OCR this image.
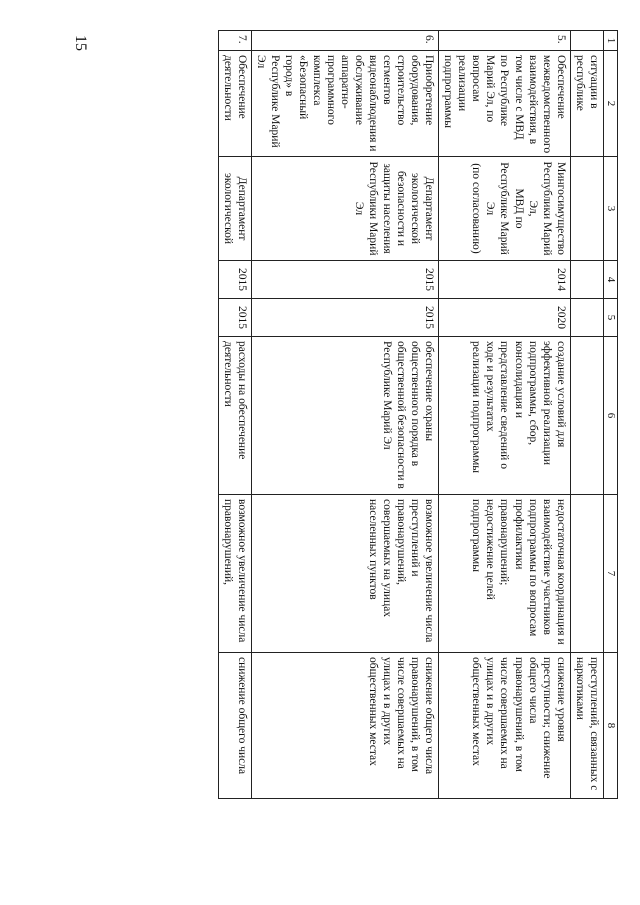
15	1	2	3	4	5	6	7	8
	ситуации в
республике						преступлений, связанных с наркотиками
5.	Обеспечение межведомственного взаимодействия, в том числе с МВД по Республике Марий Эл, по вопросам реализации подпрограммы	Мингосимущество Республики Марий Эл,
МВД по Республике Марий Эл
(по согласованию)	2014	2020	создание условий для эффективной реализации подпрограммы, сбор, консолидация и представление сведений о ходе и результатах реализации подпрограммы	недостаточная координация и взаимодействие участников подпрограммы по вопросам профилактики правонарушений; недостижение целей подпрограммы	снижение уровня преступности; снижение общего числа правонарушений, в том числе совершаемых на улицах и в других общественных местах
6.	Приобретение оборудования, строительство сегментов видеонаблюдения и обслуживание аппаратно-программного комплекса «Безопасный город» в Республике Марий Эл	Департамент экологической безопасности и защиты населения Республики Марий Эл	2015	2015	обеспечение охраны общественного порядка в общественной безопасности в Республике Марий Эл	возможное увеличение числа преступлений и правонарушений, совершаемых на улицах населенных пунктов	снижение общего числа правонарушений, в том числе совершаемых на улицах и в других общественных местах
7.	Обеспечение деятельности	Департамент экологической	2015	2015	расходы на обеспечение деятельности	возможное увеличение числа правонарушений,	снижение общего числа
